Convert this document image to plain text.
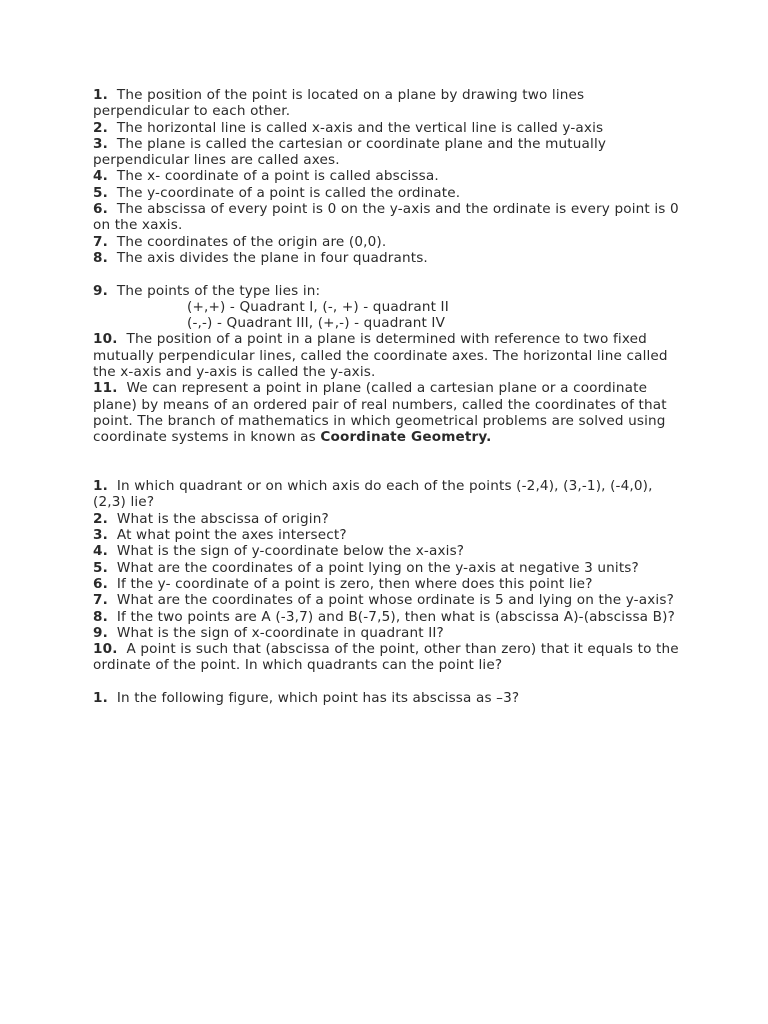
1. The position of the point is located on a plane by drawing two lines perpendicular to each other.

2. The horizontal line is called x-axis and the vertical line is called y-axis

3. The plane is called the cartesian or coordinate plane and the mutually perpendicular lines are called axes.

4. The x- coordinate of a point is called abscissa.

5. The y-coordinate of a point is called the ordinate.

6. The abscissa of every point is 0 on the y-axis and the ordinate is every point is 0 on the xaxis.

7. The coordinates of the origin are (0,0).

8. The axis divides the plane in four quadrants.

9. The points of the type lies in:

(+,+) - Quadrant I, (-, +) - quadrant II

(-,-) - Quadrant III, (+,-) - quadrant IV

10. The position of a point in a plane is determined with reference to two fixed mutually perpendicular lines, called the coordinate axes. The horizontal line called the x-axis and y-axis is called the y-axis.

11. We can represent a point in plane (called a cartesian plane or a coordinate plane) by means of an ordered pair of real numbers, called the coordinates of that point. The branch of mathematics in which geometrical problems are solved using coordinate systems in known as Coordinate Geometry.

1. In which quadrant or on which axis do each of the points (-2,4), (3,-1), (-4,0), (2,3) lie?

2. What is the abscissa of origin?

3. At what point the axes intersect?

4. What is the sign of y-coordinate below the x-axis?

5. What are the coordinates of a point lying on the y-axis at negative 3 units?

6. If the y- coordinate of a point is zero, then where does this point lie?

7. What are the coordinates of a point whose ordinate is 5 and lying on the y-axis?

8. If the two points are A (-3,7) and B(-7,5), then what is (abscissa A)-(abscissa B)?

9. What is the sign of x-coordinate in quadrant II?

10. A point is such that (abscissa of the point, other than zero) that it equals to the ordinate of the point. In which quadrants can the point lie?

1. In the following figure, which point has its abscissa as –3?
